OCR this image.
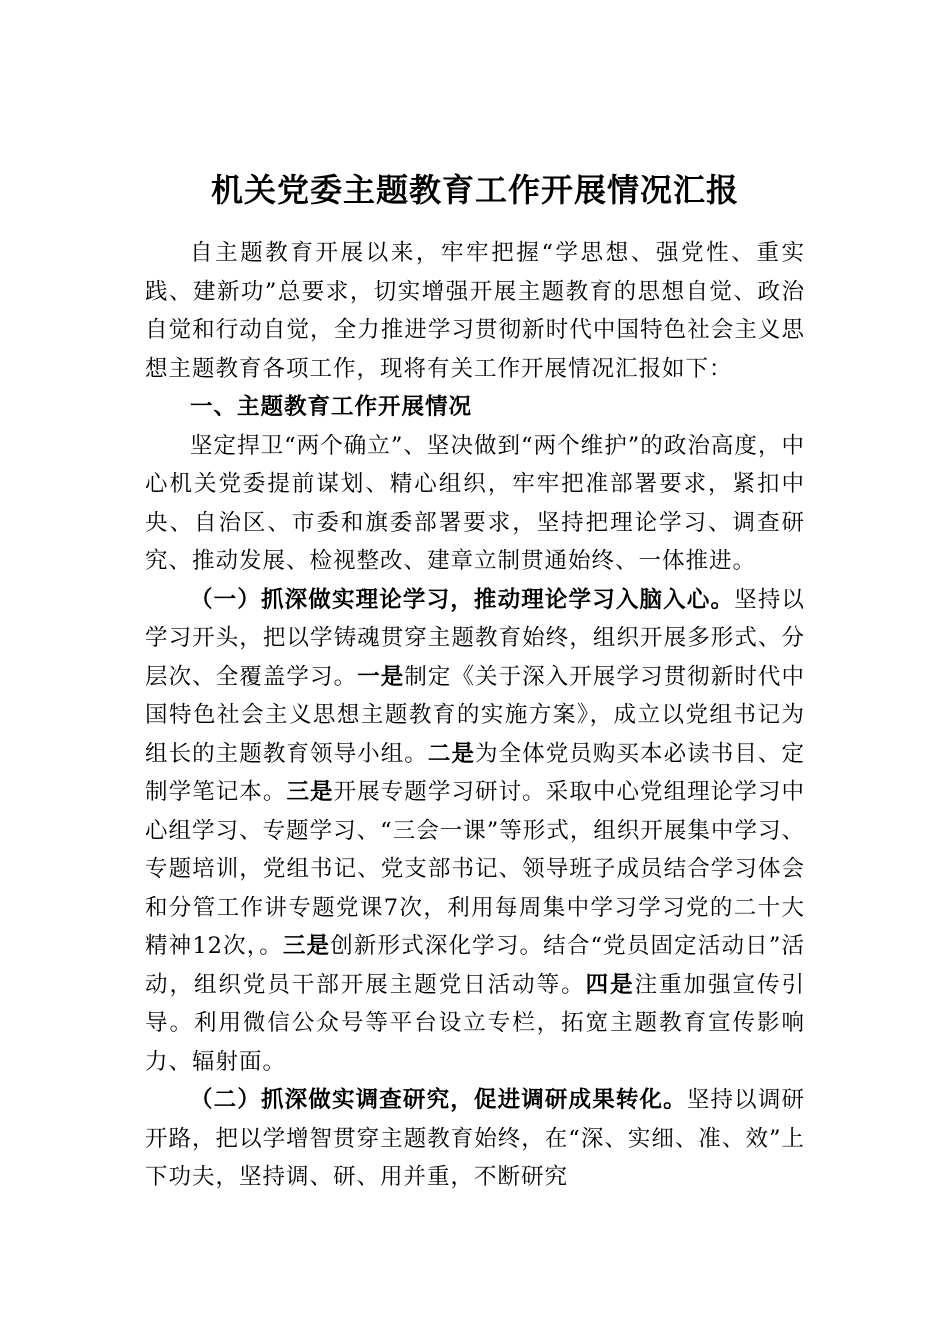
机关党委主题教育工作开展情况汇报

自主题教育开展以来，牢牢把握“学思想、强党性、重实践、建新功”总要求，切实增强开展主题教育的思想自觉、政治自觉和行动自觉，全力推进学习贯彻新时代中国特色社会主义思想主题教育各项工作，现将有关工作开展情况汇报如下：

一、主题教育工作开展情况

坚定捍卫“两个确立”、坚决做到“两个维护”的政治高度，中心机关党委提前谋划、精心组织，牢牢把准部署要求，紧扣中央、自治区、市委和旗委部署要求，坚持把理论学习、调查研究、推动发展、检视整改、建章立制贯通始终、一体推进。

（一）抓深做实理论学习，推动理论学习入脑入心。坚持以学习开头，把以学铸魂贯穿主题教育始终，组织开展多形式、分层次、全覆盖学习。一是制定《关于深入开展学习贯彻新时代中国特色社会主义思想主题教育的实施方案》，成立以党组书记为组长的主题教育领导小组。二是为全体党员购买本必读书目、定制学笔记本。三是开展专题学习研讨。采取中心党组理论学习中心组学习、专题学习、“三会一课”等形式，组织开展集中学习、专题培训，党组书记、党支部书记、领导班子成员结合学习体会和分管工作讲专题党课7次，利用每周集中学习学习党的二十大精神12次，。三是创新形式深化学习。结合“党员固定活动日”活动，组织党员干部开展主题党日活动等。四是注重加强宣传引导。利用微信公众号等平台设立专栏，拓宽主题教育宣传影响力、辐射面。

（二）抓深做实调查研究，促进调研成果转化。坚持以调研开路，把以学增智贯穿主题教育始终，在“深、实细、准、效”上下功夫，坚持调、研、用并重，不断研究
